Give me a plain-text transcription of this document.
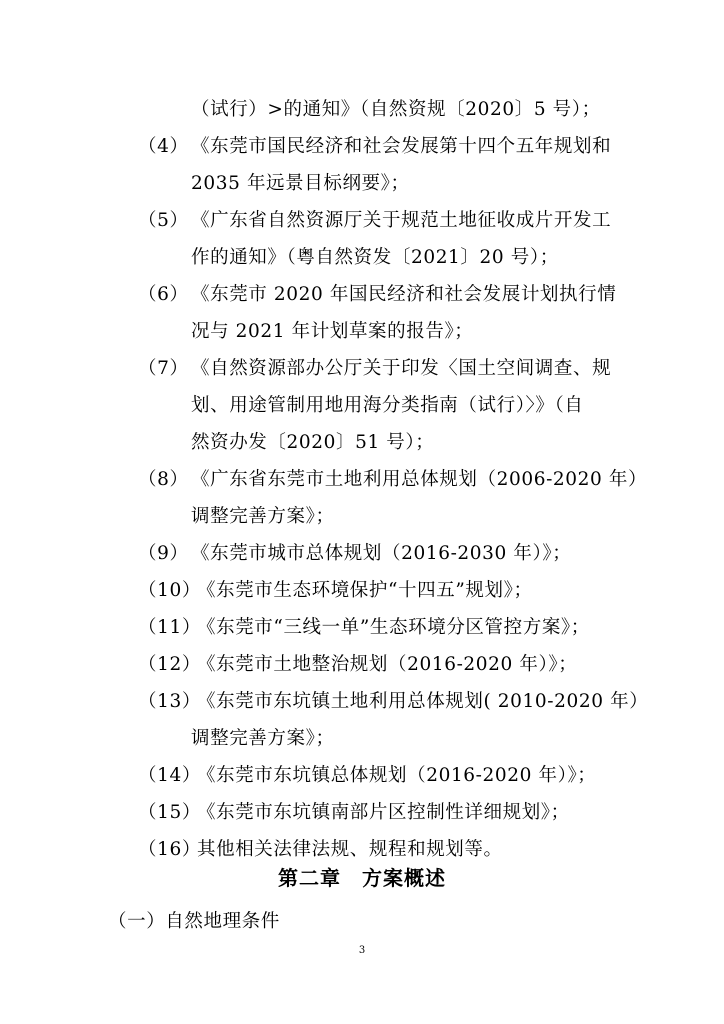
（试行）>的通知》（自然资规〔2020〕5 号）；
（4） 《东莞市国民经济和社会发展第十四个五年规划和
2035 年远景目标纲要》；
（5） 《广东省自然资源厅关于规范土地征收成片开发工
作的通知》（粤自然资发〔2021〕20 号）；
（6） 《东莞市 2020 年国民经济和社会发展计划执行情
况与 2021 年计划草案的报告》；
（7） 《自然资源部办公厅关于印发〈国土空间调查、规
划、用途管制用地用海分类指南（试行）〉》（自
然资办发〔2020〕51 号）；
（8） 《广东省东莞市土地利用总体规划（2006-2020 年）
调整完善方案》；
（9） 《东莞市城市总体规划（2016-2030 年）》；
（10）
《东莞市生态环境保护“十四五”规划》；
（11）
《东莞市“三线一单”生态环境分区管控方案》；
（12）
《东莞市土地整治规划（2016-2020 年）》；
（13）
《东莞市东坑镇土地利用总体规划( 2010-2020 年）
调整完善方案》；
（14）
《东莞市东坑镇总体规划（2016-2020 年）》；
（15）
《东莞市东坑镇南部片区控制性详细规划》；
（16）
其他相关法律法规、规程和规划等。
第二章　方案概述
（一）自然地理条件
3
